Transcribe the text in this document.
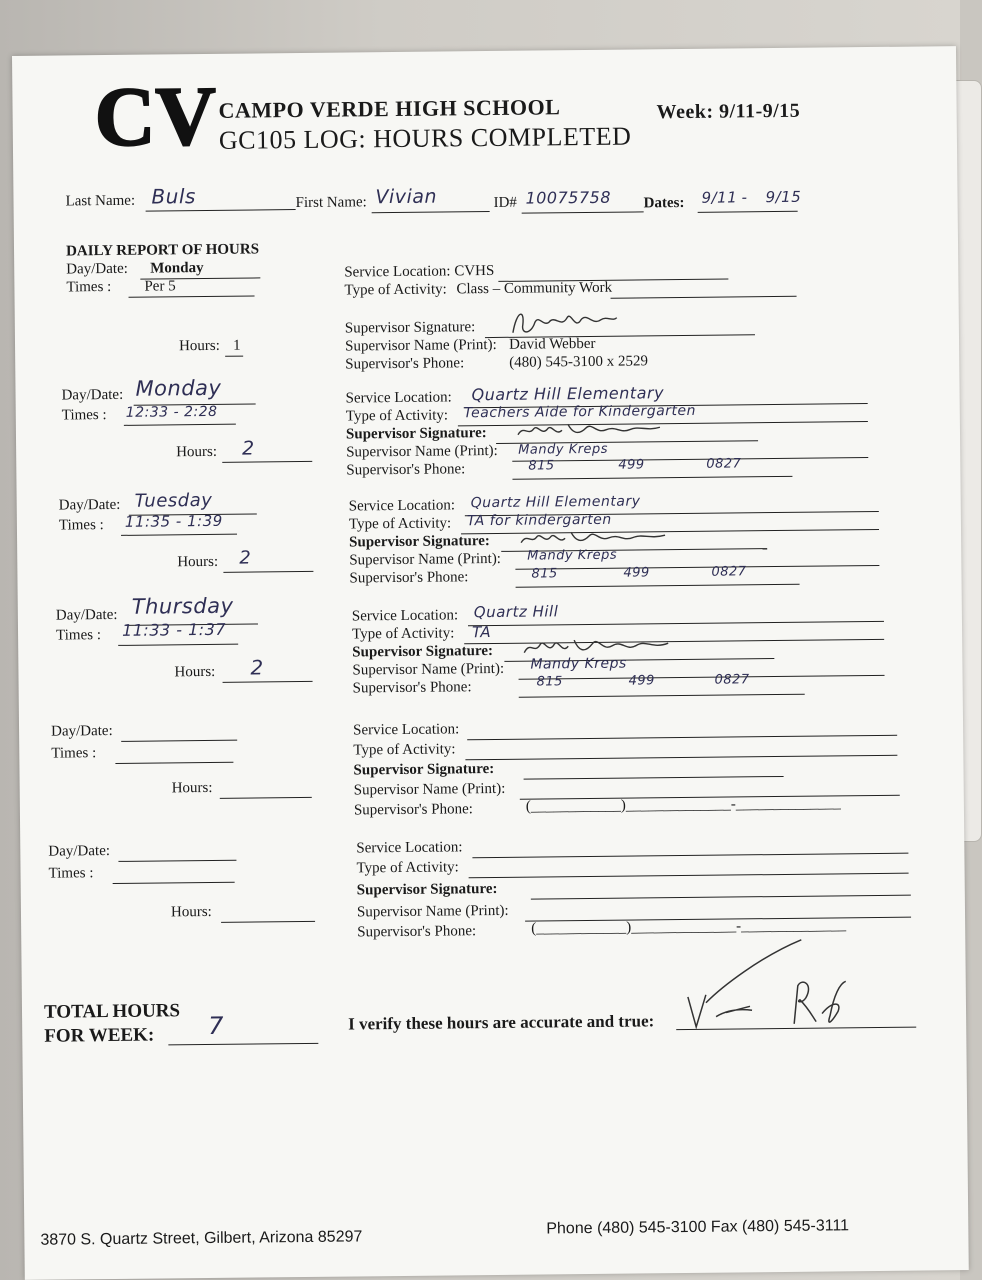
CV CAMPO VERDE HIGH SCHOOL
GC105 LOG: HOURS COMPLETED
Week: 9/11-9/15
Last Name: Buls	First Name: Vivian	ID# 10075758 Dates: 9/11 - 9/15
DAILY REPORT OF HOURS
Day/Date: Monday
Times : Per 5
Hours: 1
Service Location: CVHS
Type of Activity: Class – Community Work
Supervisor Signature:
Supervisor Name (Print): David Webber
Supervisor's Phone:	(480) 545-3100 x 2529
Day/Date: Monday
Times : 12:33 - 2:28
Hours: 2
Service Location: Quartz Hill Elementary
Type of Activity: Teachers Aide for Kindergarten
Supervisor Signature:
Supervisor Name (Print): Mandy Kreps
Supervisor's Phone:	815	499	0827
Day/Date: Tuesday
Times : 11:35 - 1:39
Hours: 2
Service Location: Quartz Hill Elementary
Type of Activity: TA for kindergarten
Supervisor Signature:
Supervisor Name (Print): Mandy Kreps
Supervisor's Phone:	815	499	0827
Day/Date: Thursday
Times : 11:33 - 1:37
Hours: 2
Service Location: Quartz Hill
Type of Activity: TA
Supervisor Signature:
Supervisor Name (Print): Mandy Kreps
Supervisor's Phone:	815	499	0827
Day/Date:
Times :
Hours:
Service Location:
Type of Activity:
Supervisor Signature:
Supervisor Name (Print):
Supervisor's Phone:	(____________)______________-______________
Day/Date:
Times :
Hours:
Service Location:
Type of Activity:
Supervisor Signature:
Supervisor Name (Print):
Supervisor's Phone:	(____________)______________-______________
TOTAL HOURS
FOR WEEK: 7	I verify these hours are accurate and true:
3870 S. Quartz Street, Gilbert, Arizona 85297
Phone (480) 545-3100 Fax (480) 545-3111
